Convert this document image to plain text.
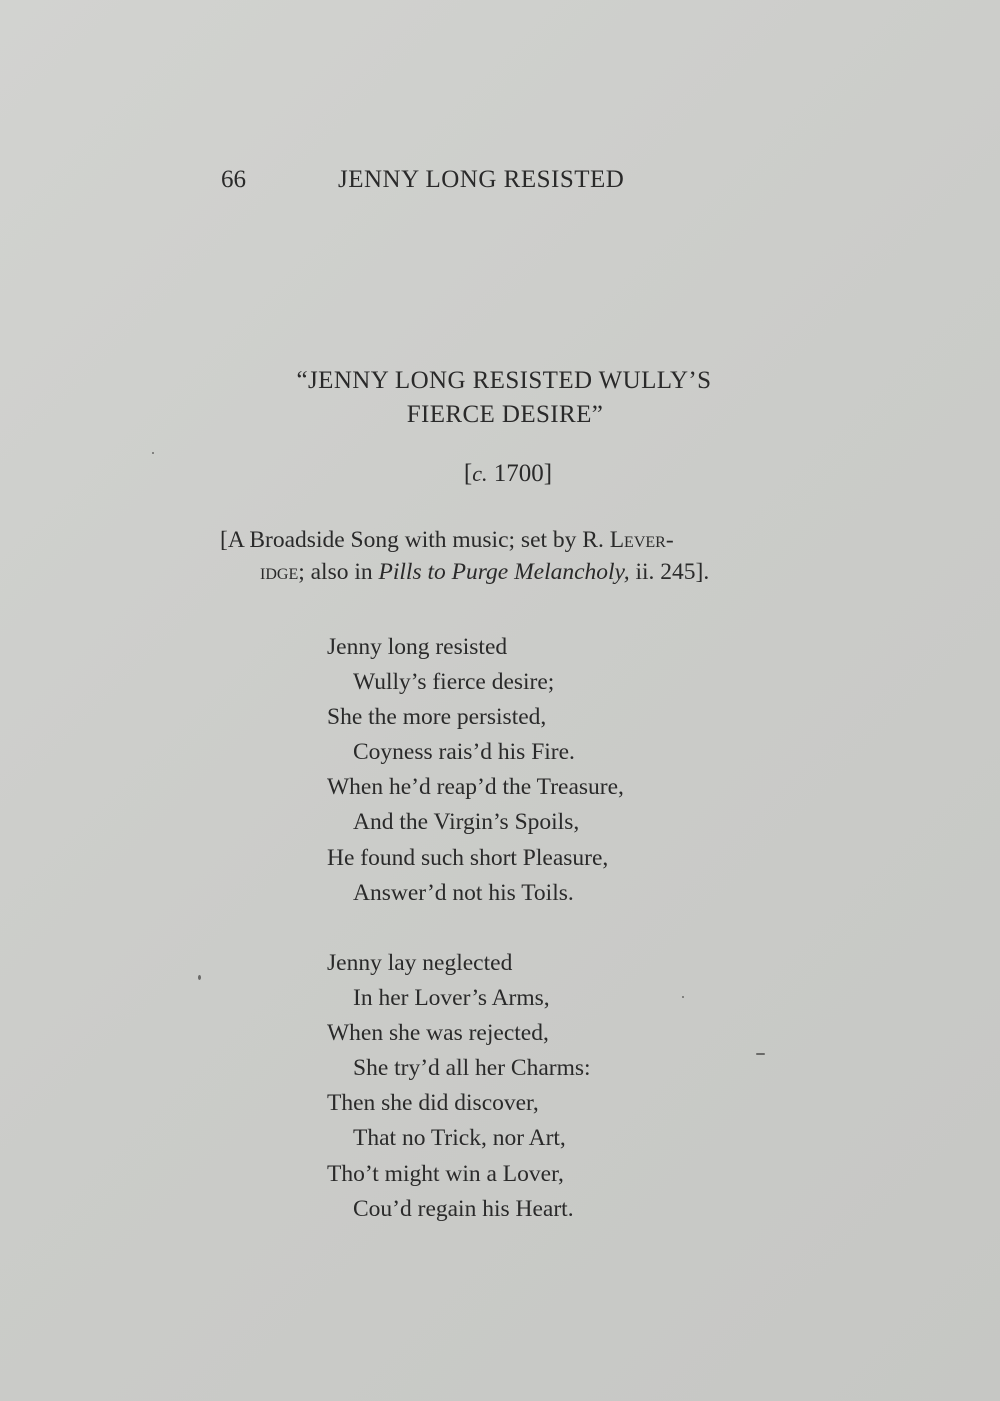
66	JENNY LONG RESISTED
“JENNY LONG RESISTED WULLY’S
FIERCE DESIRE”
[c. 1700]
[A Broadside Song with music; set by R. Lever-
idge; also in Pills to Purge Melancholy, ii. 245].
Jenny long resisted
Wully’s fierce desire;
She the more persisted,
Coyness rais’d his Fire.
When he’d reap’d the Treasure,
And the Virgin’s Spoils,
He found such short Pleasure,
Answer’d not his Toils.
Jenny lay neglected
In her Lover’s Arms,
When she was rejected,
She try’d all her Charms:
Then she did discover,
That no Trick, nor Art,
Tho’t might win a Lover,
Cou’d regain his Heart.
